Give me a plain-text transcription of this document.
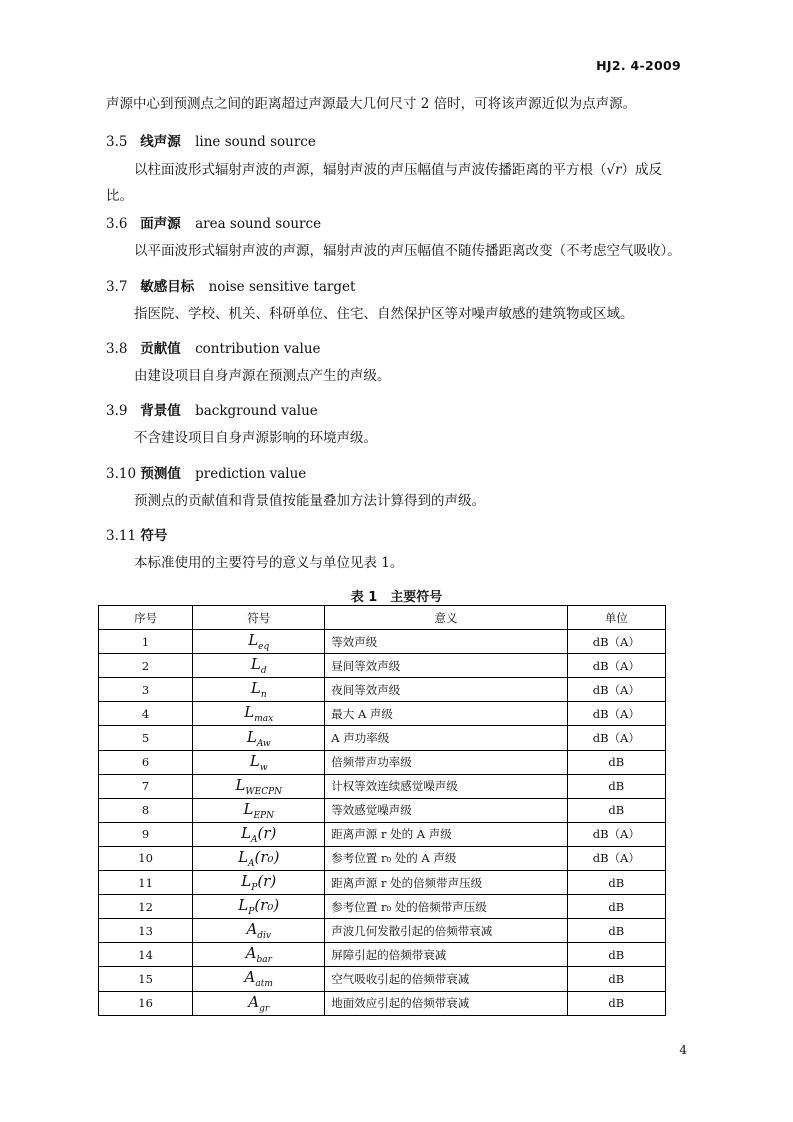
HJ2. 4-2009
声源中心到预测点之间的距离超过声源最大几何尺寸 2 倍时，可将该声源近似为点声源。
3.5 线声源 line sound source
以柱面波形式辐射声波的声源，辐射声波的声压幅值与声波传播距离的平方根（√r）成反比。
3.6 面声源 area sound source
以平面波形式辐射声波的声源，辐射声波的声压幅值不随传播距离改变（不考虑空气吸收）。
3.7 敏感目标 noise sensitive target
指医院、学校、机关、科研单位、住宅、自然保护区等对噪声敏感的建筑物或区域。
3.8 贡献值 contribution value
由建设项目自身声源在预测点产生的声级。
3.9 背景值 background value
不含建设项目自身声源影响的环境声级。
3.10 预测值 prediction value
预测点的贡献值和背景值按能量叠加方法计算得到的声级。
3.11 符号
本标准使用的主要符号的意义与单位见表 1。
表 1　主要符号
序号	符号	意义	单位
1	$L_{eq}$	等效声级	dB（A）
2	$L_d$	昼间等效声级	dB（A）
3	$L_n$	夜间等效声级	dB（A）
4	$L_{max}$	最大 A 声级	dB（A）
5	$L_{Aw}$	A 声功率级	dB（A）
6	$L_w$	倍频带声功率级	dB
7	$L_{WECPN}$	计权等效连续感觉噪声级	dB
8	$L_{EPN}$	等效感觉噪声级	dB
9	$L_A(r)$	距离声源 r 处的 A 声级	dB（A）
10	$L_A(r_0)$	参考位置 r₀ 处的 A 声级	dB（A）
11	$L_P(r)$	距离声源 r 处的倍频带声压级	dB
12	$L_P(r_0)$	参考位置 r₀ 处的倍频带声压级	dB
13	$A_{div}$	声波几何发散引起的倍频带衰减	dB
14	$A_{bar}$	屏障引起的倍频带衰减	dB
15	$A_{atm}$	空气吸收引起的倍频带衰减	dB
16	$A_{gr}$	地面效应引起的倍频带衰减	dB
4
